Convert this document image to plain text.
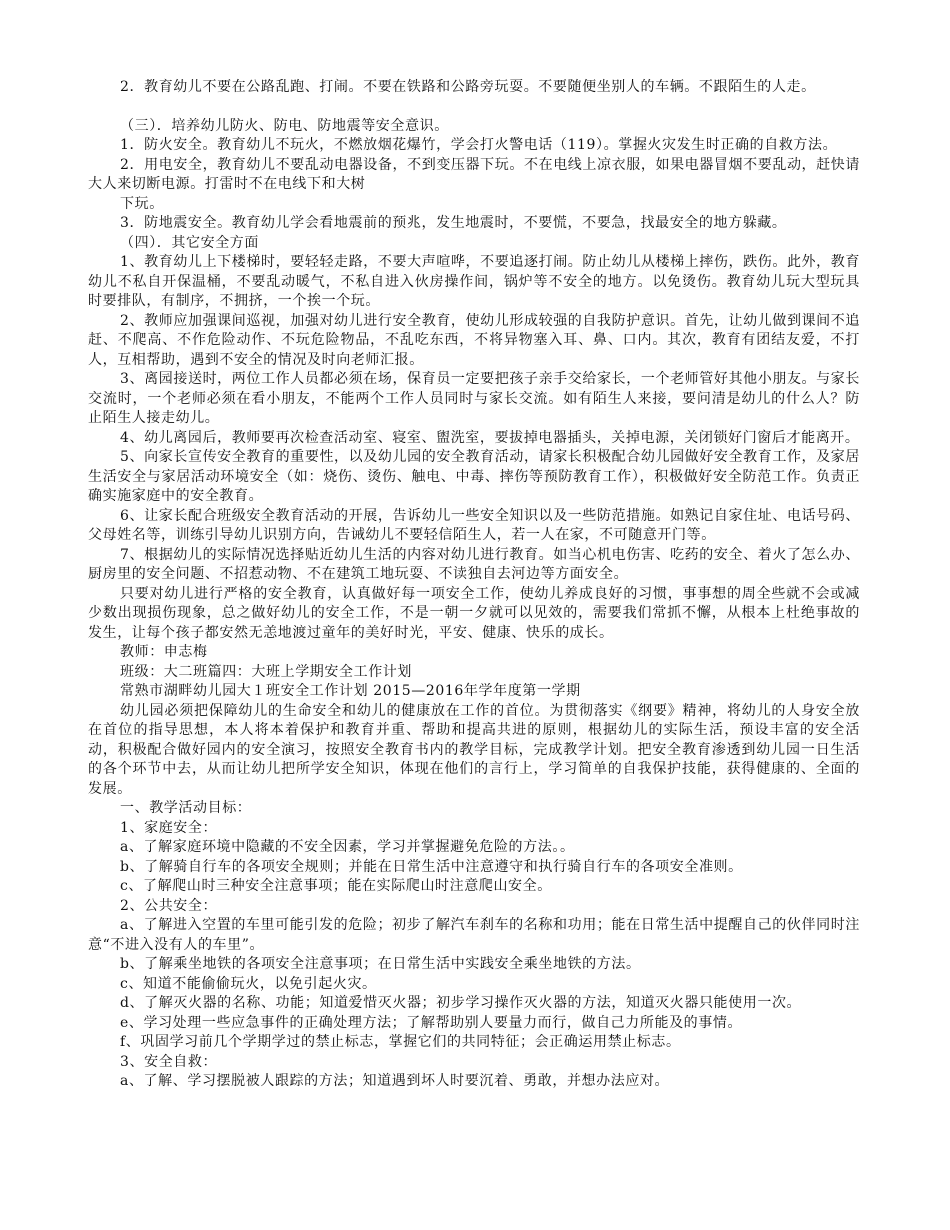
2．教育幼儿不要在公路乱跑、打闹。不要在铁路和公路旁玩耍。不要随便坐别人的车辆。不跟陌生的人走。

（三）．培养幼儿防火、防电、防地震等安全意识。

1．防火安全。教育幼儿不玩火，不燃放烟花爆竹，学会打火警电话（119）。掌握火灾发生时正确的自救方法。

2．用电安全，教育幼儿不要乱动电器设备，不到变压器下玩。不在电线上凉衣服，如果电器冒烟不要乱动，赶快请大人来切断电源。打雷时不在电线下和大树

下玩。

3．防地震安全。教育幼儿学会看地震前的预兆，发生地震时，不要慌，不要急，找最安全的地方躲藏。

（四）．其它安全方面

1、教育幼儿上下楼梯时，要轻轻走路，不要大声喧哗，不要追逐打闹。防止幼儿从楼梯上摔伤，跌伤。此外，教育幼儿不私自开保温桶，不要乱动暖气，不私自进入伙房操作间，锅炉等不安全的地方。以免烫伤。教育幼儿玩大型玩具时要排队，有制序，不拥挤，一个挨一个玩。

2、教师应加强课间巡视，加强对幼儿进行安全教育，使幼儿形成较强的自我防护意识。首先，让幼儿做到课间不追赶、不爬高、不作危险动作、不玩危险物品，不乱吃东西，不将异物塞入耳、鼻、口内。其次，教育有团结友爱，不打人，互相帮助，遇到不安全的情况及时向老师汇报。

3、离园接送时，两位工作人员都必须在场，保育员一定要把孩子亲手交给家长，一个老师管好其他小朋友。与家长交流时，一个老师必须在看小朋友，不能两个工作人员同时与家长交流。如有陌生人来接，要问清是幼儿的什么人？防止陌生人接走幼儿。

4、幼儿离园后，教师要再次检查活动室、寝室、盥洗室，要拔掉电器插头，关掉电源，关闭锁好门窗后才能离开。

5、向家长宣传安全教育的重要性，以及幼儿园的安全教育活动，请家长积极配合幼儿园做好安全教育工作，及家居生活安全与家居活动环境安全（如：烧伤、烫伤、触电、中毒、摔伤等预防教育工作），积极做好安全防范工作。负责正确实施家庭中的安全教育。

6、让家长配合班级安全教育活动的开展，告诉幼儿一些安全知识以及一些防范措施。如熟记自家住址、电话号码、父母姓名等，训练引导幼儿识别方向，告诫幼儿不要轻信陌生人，若一人在家，不可随意开门等。

7、根据幼儿的实际情况选择贴近幼儿生活的内容对幼儿进行教育。如当心机电伤害、吃药的安全、着火了怎么办、厨房里的安全问题、不招惹动物、不在建筑工地玩耍、不读独自去河边等方面安全。

只要对幼儿进行严格的安全教育，认真做好每一项安全工作，使幼儿养成良好的习惯，事事想的周全些就不会或减少数出现损伤现象，总之做好幼儿的安全工作，不是一朝一夕就可以见效的，需要我们常抓不懈，从根本上杜绝事故的发生，让每个孩子都安然无恙地渡过童年的美好时光，平安、健康、快乐的成长。

教师：申志梅

班级：大二班篇四：大班上学期安全工作计划

常熟市湖畔幼儿园大１班安全工作计划 2015—2016年学年度第一学期

幼儿园必须把保障幼儿的生命安全和幼儿的健康放在工作的首位。为贯彻落实《纲要》精神，将幼儿的人身安全放在首位的指导思想，本人将本着保护和教育并重、帮助和提高共进的原则，根据幼儿的实际生活，预设丰富的安全活动，积极配合做好园内的安全演习，按照安全教育书内的教学目标，完成教学计划。把安全教育渗透到幼儿园一日生活的各个环节中去，从而让幼儿把所学安全知识，体现在他们的言行上，学习简单的自我保护技能，获得健康的、全面的发展。

一、教学活动目标：

1、家庭安全：

a、了解家庭环境中隐藏的不安全因素，学习并掌握避免危险的方法。。

b、了解骑自行车的各项安全规则；并能在日常生活中注意遵守和执行骑自行车的各项安全准则。

c、了解爬山时三种安全注意事项；能在实际爬山时注意爬山安全。

2、公共安全：

a、了解进入空置的车里可能引发的危险；初步了解汽车刹车的名称和功用；能在日常生活中提醒自己的伙伴同时注意“不进入没有人的车里”。

b、了解乘坐地铁的各项安全注意事项；在日常生活中实践安全乘坐地铁的方法。

c、知道不能偷偷玩火，以免引起火灾。

d、了解灭火器的名称、功能；知道爱惜灭火器；初步学习操作灭火器的方法，知道灭火器只能使用一次。

e、学习处理一些应急事件的正确处理方法；了解帮助别人要量力而行，做自己力所能及的事情。

f、巩固学习前几个学期学过的禁止标志，掌握它们的共同特征；会正确运用禁止标志。

3、安全自救：

a、了解、学习摆脱被人跟踪的方法；知道遇到坏人时要沉着、勇敢，并想办法应对。
